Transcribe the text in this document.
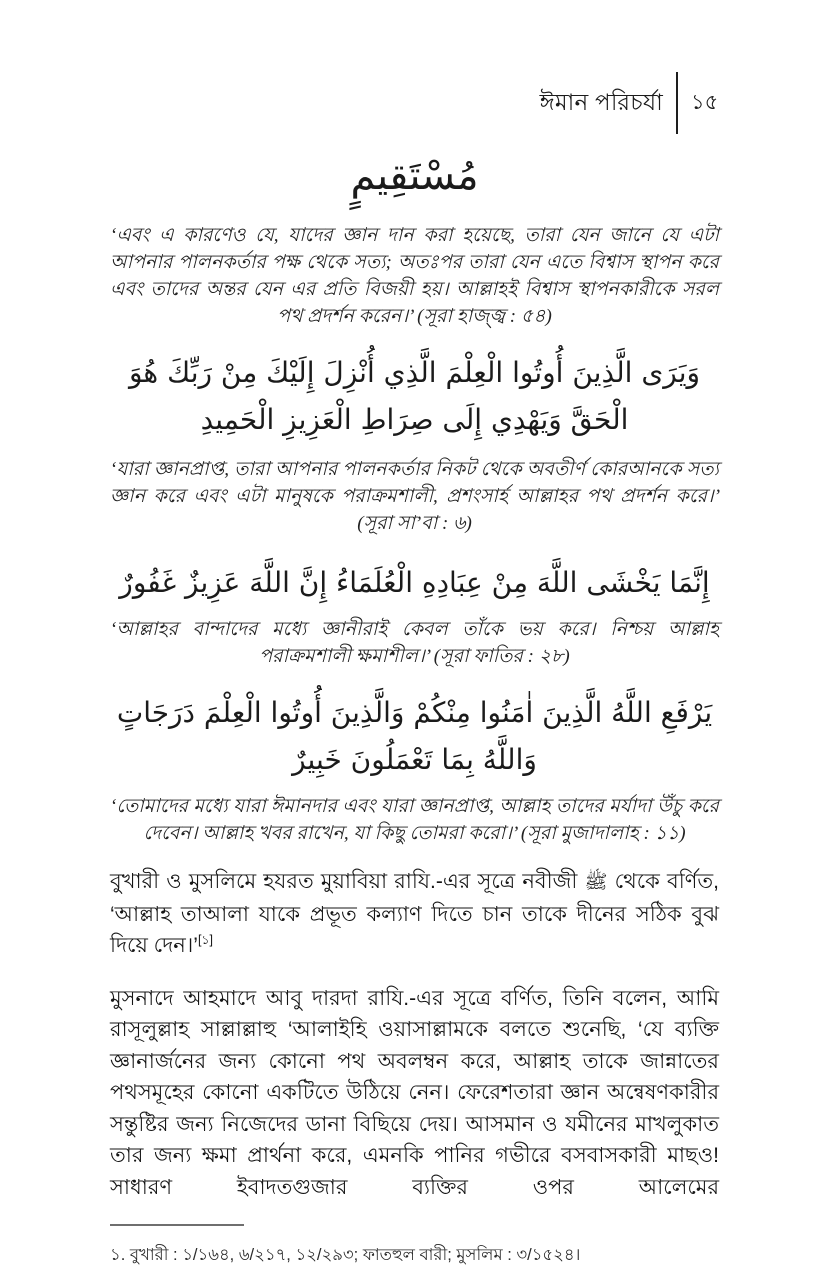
ঈমান পরিচর্যা ১৫
مُسْتَقِيمٍ

‘এবং এ কারণেও যে, যাদের জ্ঞান দান করা হয়েছে, তারা যেন জানে যে এটা আপনার পালনকর্তার পক্ষ থেকে সত্য; অতঃপর তারা যেন এতে বিশ্বাস স্থাপন করে এবং তাদের অন্তর যেন এর প্রতি বিজয়ী হয়। আল্লাহই বিশ্বাস স্থাপনকারীকে সরল পথ প্রদর্শন করেন।’ (সূরা হাজ্জ্ব : ৫৪)

وَيَرَى الَّذِينَ أُوتُوا الْعِلْمَ الَّذِي أُنْزِلَ إِلَيْكَ مِنْ رَبِّكَ هُوَ الْحَقَّ وَيَهْدِي إِلَى صِرَاطِ الْعَزِيزِ الْحَمِيدِ

‘যারা জ্ঞানপ্রাপ্ত, তারা আপনার পালনকর্তার নিকট থেকে অবতীর্ণ কোরআনকে সত্য জ্ঞান করে এবং এটা মানুষকে পরাক্রমশালী, প্রশংসার্হ আল্লাহর পথ প্রদর্শন করে।’ (সূরা সা’বা : ৬)

إِنَّمَا يَخْشَى اللَّهَ مِنْ عِبَادِهِ الْعُلَمَاءُ إِنَّ اللَّهَ عَزِيزٌ غَفُورٌ

‘আল্লাহর বান্দাদের মধ্যে জ্ঞানীরাই কেবল তাঁকে ভয় করে। নিশ্চয় আল্লাহ পরাক্রমশালী ক্ষমাশীল।’ (সূরা ফাতির : ২৮)

يَرْفَعِ اللَّهُ الَّذِينَ اٰمَنُوا مِنْكُمْ وَالَّذِينَ أُوتُوا الْعِلْمَ دَرَجَاتٍ وَاللَّهُ بِمَا تَعْمَلُونَ خَبِيرٌ

‘তোমাদের মধ্যে যারা ঈমানদার এবং যারা জ্ঞানপ্রাপ্ত, আল্লাহ তাদের মর্যাদা উঁচু করে দেবেন। আল্লাহ খবর রাখেন, যা কিছু তোমরা করো।’ (সূরা মুজাদালাহ : ১১)

বুখারী ও মুসলিমে হযরত মুয়াবিয়া রাযি.-এর সূত্রে নবীজী ﷺ থেকে বর্ণিত, ‘আল্লাহ তাআলা যাকে প্রভূত কল্যাণ দিতে চান তাকে দীনের সঠিক বুঝ দিয়ে দেন।’[১]

মুসনাদে আহমাদে আবু দারদা রাযি.-এর সূত্রে বর্ণিত, তিনি বলেন, আমি রাসূলুল্লাহ সাল্লাল্লাহু ‘আলাইহি ওয়াসাল্লামকে বলতে শুনেছি, ‘যে ব্যক্তি জ্ঞানার্জনের জন্য কোনো পথ অবলম্বন করে, আল্লাহ তাকে জান্নাতের পথসমূহের কোনো একটিতে উঠিয়ে নেন। ফেরেশতারা জ্ঞান অন্বেষণকারীর সন্তুষ্টির জন্য নিজেদের ডানা বিছিয়ে দেয়। আসমান ও যমীনের মাখলুকাত তার জন্য ক্ষমা প্রার্থনা করে, এমনকি পানির গভীরে বসবাসকারী মাছও! সাধারণ ইবাদতগুজার ব্যক্তির ওপর আলেমের

১. বুখারী : ১/১৬৪, ৬/২১৭, ১২/২৯৩; ফাতহুল বারী; মুসলিম : ৩/১৫২৪।
